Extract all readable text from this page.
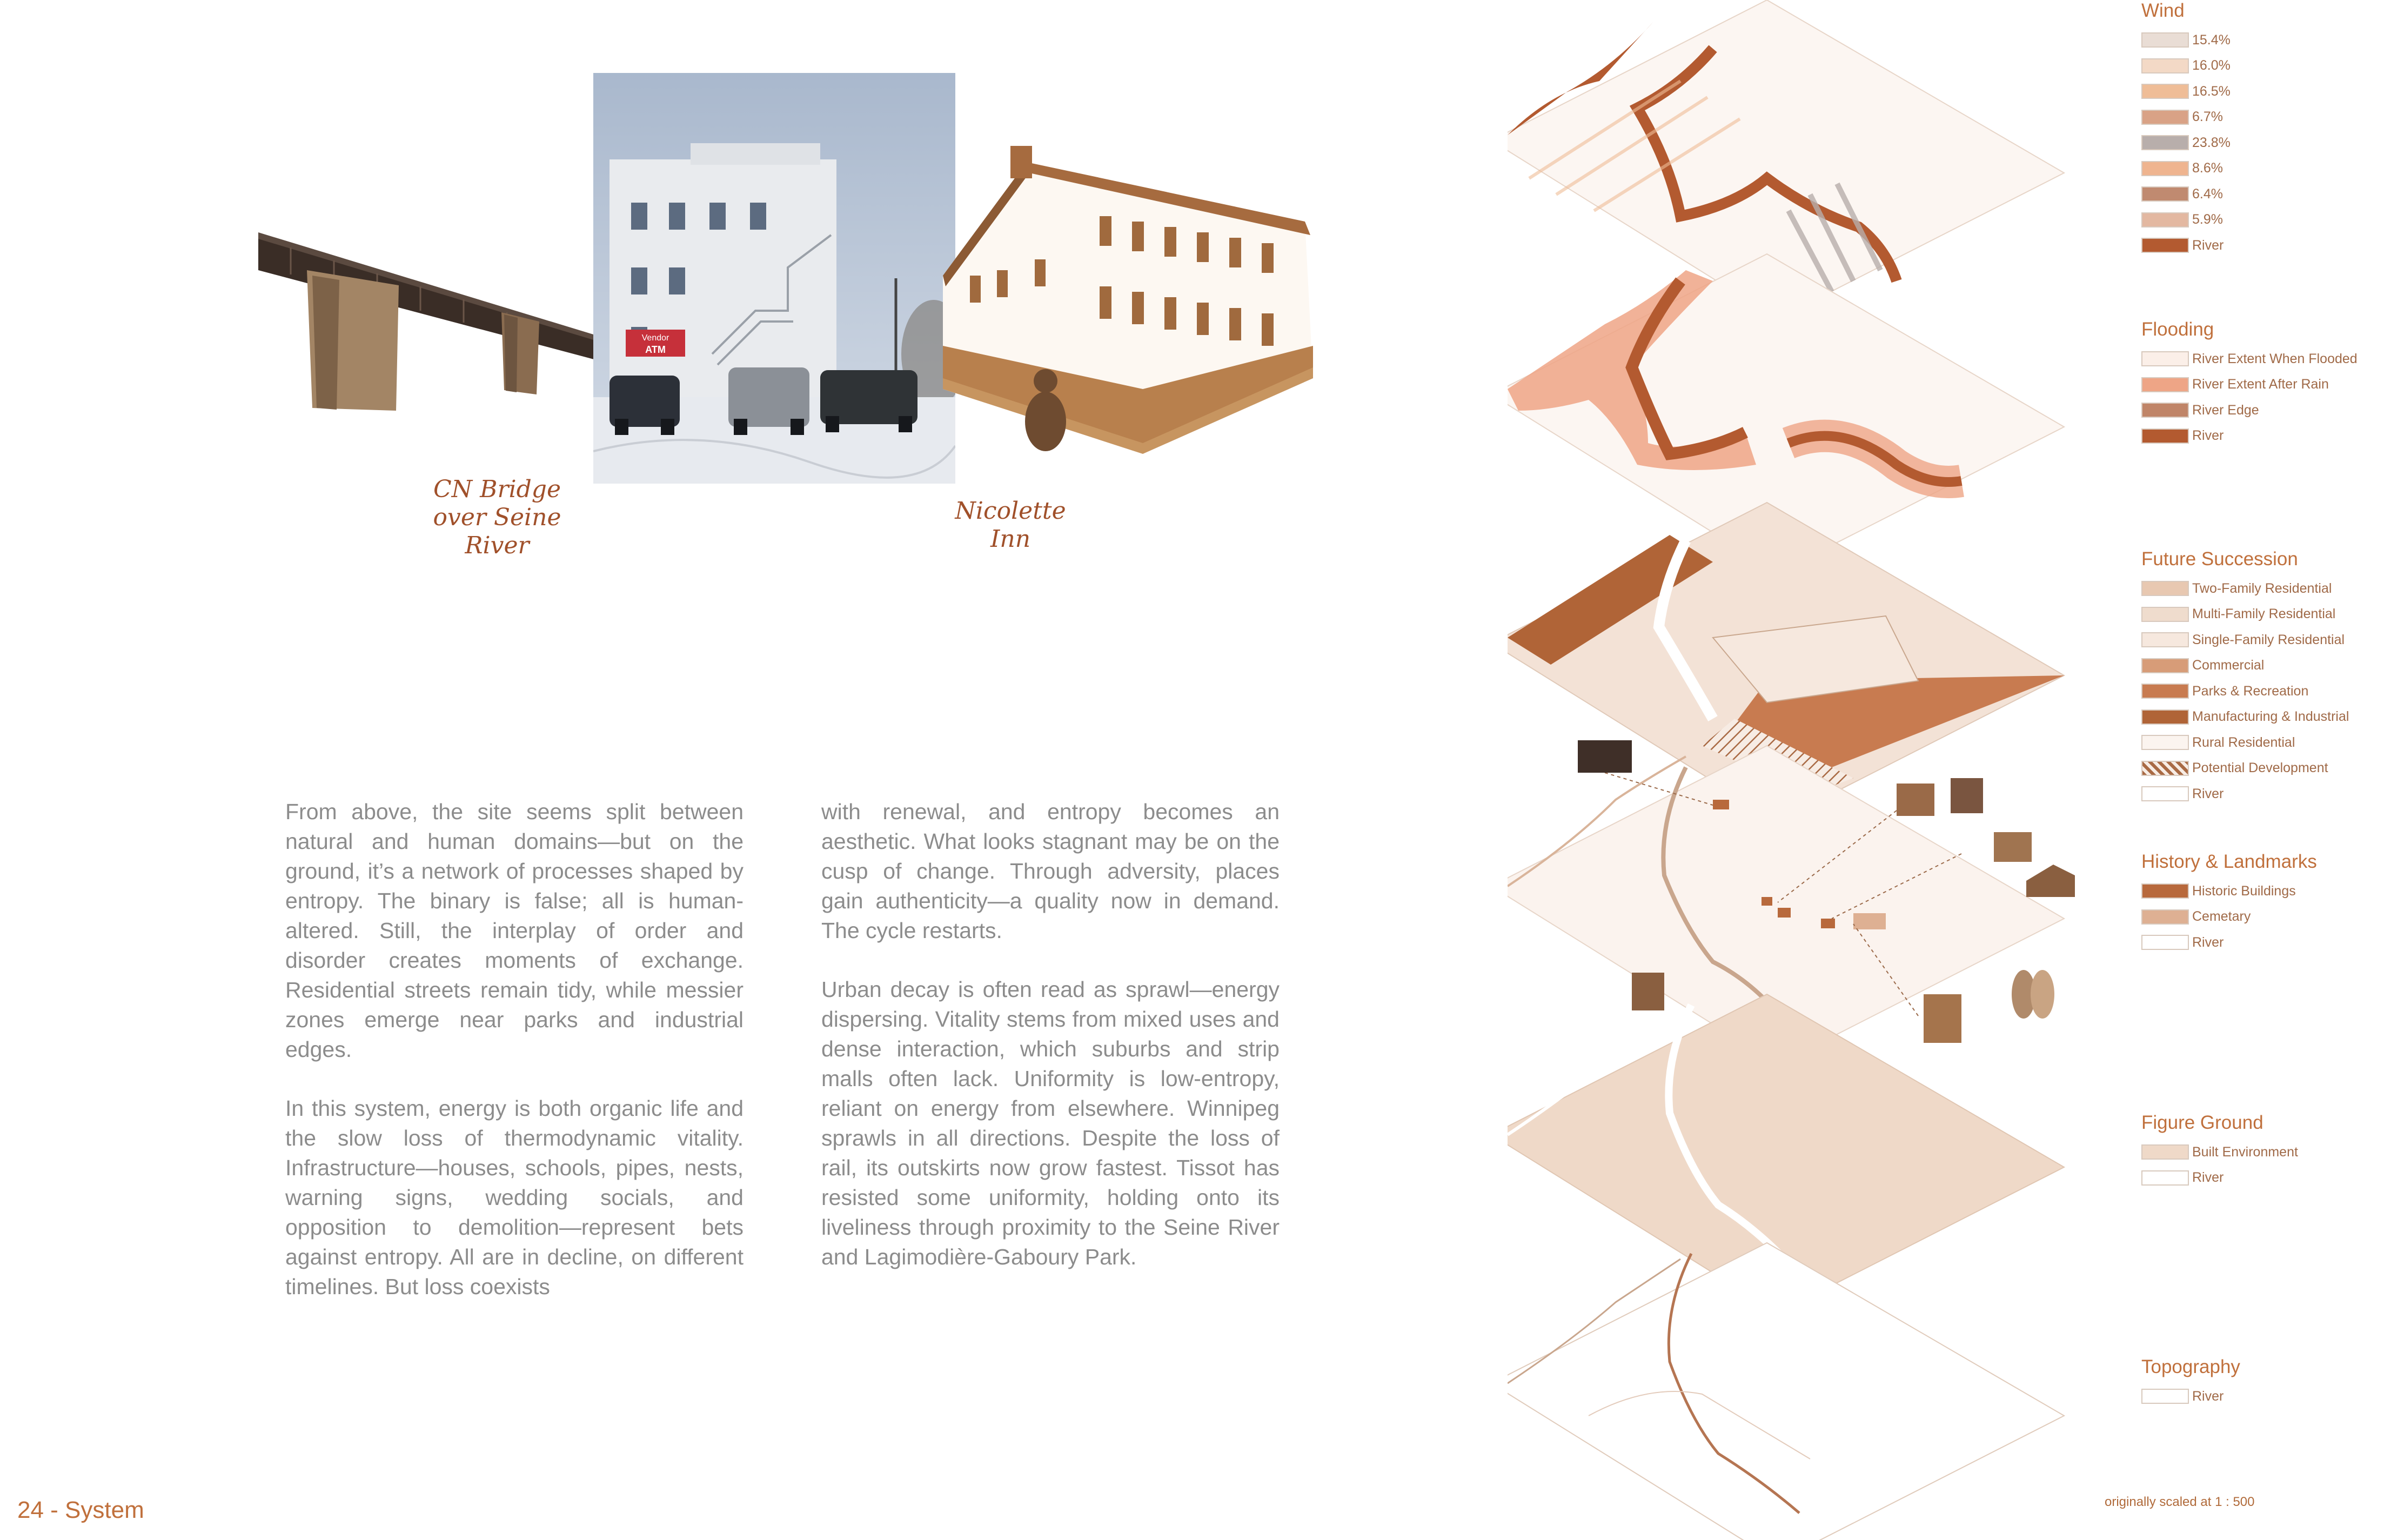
Vendor
ATM
CN Bridge
over Seine
River
Nicolette
Inn

From above, the site seems split between natural and human domains—but on the ground, it’s a network of processes shaped by entropy. The binary is false; all is human-altered. Still, the interplay of order and disorder creates moments of exchange. Residential streets remain tidy, while messier zones emerge near parks and industrial edges.

In this system, energy is both organic life and the slow loss of thermodynamic vitality. Infrastructure—houses, schools, pipes, nests, warning signs, wedding socials, and opposition to demolition—represent bets against entropy. All are in decline, on different timelines. But loss coexists

with renewal, and entropy becomes an aesthetic. What looks stagnant may be on the cusp of change. Through adversity, places gain authenticity—a quality now in demand. The cycle restarts.

Urban decay is often read as sprawl—energy dispersing. Vitality stems from mixed uses and dense interaction, which suburbs and strip malls often lack. Uniformity is low-entropy, reliant on energy from elsewhere. Winnipeg sprawls in all directions. Despite the loss of rail, its outskirts now grow fastest. Tissot has resisted some uniformity, holding onto its liveliness through proximity to the Seine River and Lagimodière-Gaboury Park.

24 - System	originally scaled at 1 : 500
Wind
15.4%
16.0%
16.5%
6.7%
23.8%
8.6%
6.4%
5.9%
River
Flooding
River Extent When Flooded
River Extent After Rain
River Edge
River
Future Succession
Two-Family Residential
Multi-Family Residential
Single-Family Residential
Commercial
Parks & Recreation
Manufacturing & Industrial
Rural Residential
Potential Development
River
History & Landmarks
Historic Buildings
Cemetary
River
Figure Ground
Built Environment
River
Topography
River
